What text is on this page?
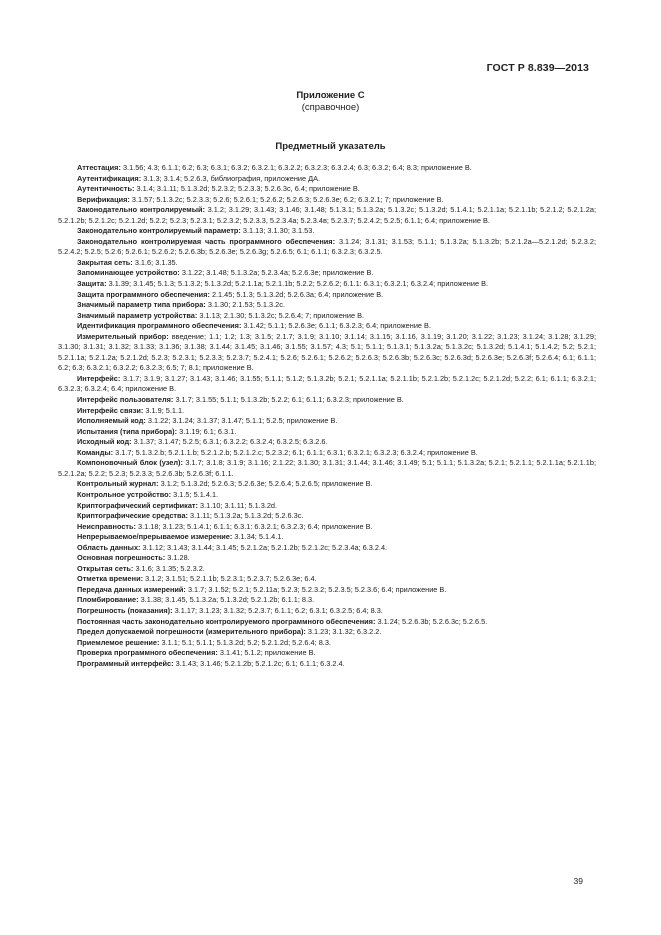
ГОСТ Р 8.839—2013
Приложение С
(справочное)
Предметный указатель

Аттестация: 3.1.56; 4.3; 6.1.1; 6.2; 6.3; 6.3.1; 6.3.2; 6.3.2.1; 6.3.2.2; 6.3.2.3; 6.3.2.4; 6.3; 6.3.2; 6.4; 8.3; приложение В.

Аутентификация: 3.1.3; 3.1.4; 5.2.6.3, библиография, приложение ДА.

Аутентичность: 3.1.4; 3.1.11; 5.1.3.2d; 5.2.3.2; 5.2.3.3; 5.2.6.3c, 6.4; приложение В.

Верификация: 3.1.57; 5.1.3.2c; 5.2.3.3; 5.2.6; 5.2.6.1; 5.2.6.2; 5.2.6.3; 5.2.6.3e; 6.2; 6.3.2.1; 7; приложение В.

Законодательно контролируемый: 3.1.2; 3.1.29; 3.1.43; 3.1.46; 3.1.48; 5.1.3.1; 5.1.3.2a; 5.1.3.2c; 5.1.3.2d; 5.1.4.1; 5.2.1.1a; 5.2.1.1b; 5.2.1.2; 5.2.1.2a; 5.2.1.2b; 5.2.1.2c; 5.2.1.2d; 5.2.2; 5.2.3; 5.2.3.1; 5.2.3.2; 5.2.3.3, 5.2.3.4a; 5.2.3.4в; 5.2.3.7; 5.2.4.2; 5.2.5; 6.1.1; 6.4; приложение В.

Законодательно контролируемый параметр: 3.1.13; 3.1.30; 3.1.53.

Законодательно контролируемая часть программного обеспечения: 3.1.24; 3.1.31; 3.1.53; 5.1.1; 5.1.3.2a; 5.1.3.2b; 5.2.1.2a—5.2.1.2d; 5.2.3.2; 5.2.4.2; 5.2.5; 5.2.6; 5.2.6.1; 5.2.6.2; 5.2.6.3b; 5.2.6.3e; 5.2.6.3g; 5.2.6.5; 6.1; 6.1.1; 6.3.2.3; 6.3.2.5.

Закрытая сеть: 3.1.6; 3.1.35.

Запоминающее устройство: 3.1.22; 3.1.48; 5.1.3.2a; 5.2.3.4a; 5.2.6.3e; приложение В.

Защита: 3.1.39; 3.1.45; 5.1.3; 5.1.3.2; 5.1.3.2d; 5.2.1.1a; 5.2.1.1b; 5.2.2; 5.2.6.2; 6.1.1: 6.3.1; 6.3.2.1; 6.3.2.4; приложение В.

Защита программного обеспечения: 2.1.45; 5.1.3; 5.1.3.2d; 5.2.6.3a; 6.4; приложение В.

Значимый параметр типа прибора: 3.1.30; 2.1.53; 5.1.3.2c.

Значимый параметр устройства: 3.1.13; 2.1.30; 5.1.3.2c; 5.2.6.4; 7; приложение В.

Идентификация программного обеспечения: 3.1.42; 5.1.1; 5.2.6.3e; 6.1.1; 6.3.2.3; 6.4; приложение В.

Измерительный прибор: введение; 1.1; 1.2; 1.3; 3.1.5; 2.1.7; 3.1.9; 3.1.10; 3.1.14; 3.1.15; 3.1.16, 3.1.19; 3.1.20; 3.1.22; 3.1.23; 3.1.24; 3.1.28; 3.1.29; 3.1.30; 3.1.31; 3.1.32; 3.1.33; 3.1.36; 3.1.38; 3.1.44; 3.1.45; 3.1.46; 3.1.55; 3.1.57; 4.3; 5.1; 5.1.1; 5.1.3.1; 5.1.3.2a; 5.1.3.2c; 5.1.3.2d; 5.1.4.1; 5.1.4.2; 5.2; 5.2.1; 5.2.1.1a; 5.2.1.2a; 5.2.1.2d; 5.2.3; 5.2.3.1; 5.2.3.3; 5.2.3.7; 5.2.4.1; 5.2.6; 5.2.6.1; 5.2.6.2; 5.2.6.3; 5.2.6.3b; 5.2.6.3c; 5.2.6.3d; 5.2.6.3e; 5.2.6.3f; 5.2.6.4; 6.1; 6.1.1; 6.2; 6.3; 6.3.2.1; 6.3.2.2; 6.3.2.3; 6.5; 7; 8.1; приложение В.

Интерфейс: 3.1.7; 3.1.9; 3.1.27; 3.1.43; 3.1.46; 3.1.55; 5.1.1; 5.1.2; 5.1.3.2b; 5.2.1; 5.2.1.1a; 5.2.1.1b; 5.2.1.2b; 5.2.1.2c; 5.2.1.2d; 5.2.2; 6.1; 6.1.1; 6.3.2.1; 6.3.2.3; 6.3.2.4; 6.4; приложение В.

Интерфейс пользователя: 3.1.7; 3.1.55; 5.1.1; 5.1.3.2b; 5.2.2; 6.1; 6.1.1; 6.3.2.3; приложение В.

Интерфейс связи: 3.1.9; 5.1.1.

Исполняемый код: 3.1.22; 3.1.24; 3.1.37; 3.1.47; 5.1.1; 5.2.5; приложение В.

Испытания (типа прибора): 3.1.19; 6.1; 6.3.1.

Исходный код: 3.1.37; 3.1.47; 5.2.5; 6.3.1; 6.3.2.2; 6.3.2.4; 6.3.2.5; 6.3.2.6.

Команды: 3.1.7; 5.1.3.2.b; 5.2.1.1.b; 5.2.1.2.b; 5.2.1.2.c; 5.2.3.2; 6.1; 6.1.1; 6.3.1; 6.3.2.1; 6.3.2.3; 6.3.2.4; приложение В.

Компоновочный блок (узел): 3.1.7; 3.1.8; 3.1.9; 3.1.16; 2.1.22; 3.1.30; 3.1.31; 3.1.44; 3.1.46; 3.1.49; 5.1; 5.1.1; 5.1.3.2a; 5.2.1; 5.2.1.1; 5.2.1.1a; 5.2.1.1b; 5.2.1.2a; 5.2.2; 5.2.3; 5.2.3.3; 5.2.6.3b; 5.2.6.3f; 6.1.1.

Контрольный журнал: 3.1.2; 5.1.3.2d; 5.2.6.3; 5.2.6.3e; 5.2.6.4; 5.2.6.5; приложение В.

Контрольное устройство: 3.1.5; 5.1.4.1.

Криптографический сертификат: 3.1.10; 3.1.11; 5.1.3.2d.

Криптографические средства: 3.1.11; 5.1.3.2a; 5.1.3.2d; 5.2.6.3c.

Неисправность: 3.1.18; 3.1.23; 5.1.4.1; 6.1.1; 6.3.1: 6.3.2.1; 6.3.2.3; 6.4; приложение В.

Непрерываемое/прерываемое измерение: 3.1.34; 5.1.4.1.

Область данных: 3.1.12; 3.1.43; 3.1.44; 3.1.45; 5.2.1.2a; 5.2.1.2b; 5.2.1.2c; 5.2.3.4a; 6.3.2.4.

Основная погрешность: 3.1.28.

Открытая сеть: 3.1.6; 3.1.35; 5.2.3.2.

Отметка времени: 3.1.2; 3.1.51; 5.2.1.1b; 5.2.3.1; 5.2.3.7; 5.2.6.3e; 6.4.

Передача данных измерений: 3.1.7; 3.1.52; 5.2.1; 5.2.11a; 5.2.3; 5.2.3.2; 5.2.3.5; 5.2.3.6; 6.4; приложение В.

Пломбирование: 3.1.38; 3.1.45, 5.1.3.2a; 5.1.3.2d; 5.2.1.2b; 6.1.1; 8.3.

Погрешность (показания): 3.1.17; 3.1.23; 3.1.32; 5.2.3.7; 6.1.1; 6.2; 6.3.1; 6.3.2.5; 6.4; 8.3.

Постоянная часть законодательно контролируемого программного обеспечения: 3.1.24; 5.2.6.3b; 5.2.6.3c; 5.2.6.5.

Предел допускаемой погрешности (измерительного прибора): 3.1.23; 3.1.32; 6.3.2.2.

Приемлемое решение: 3.1.1; 5.1; 5.1.1; 5.1.3.2d; 5.2; 5.2.1.2d; 5.2.6.4; 8.3.

Проверка программного обеспечения: 3.1.41; 5.1.2; приложение В.

Программный интерфейс: 3.1.43; 3.1.46; 5.2.1.2b; 5.2.1.2c; 6.1; 6.1.1; 6.3.2.4.

39
